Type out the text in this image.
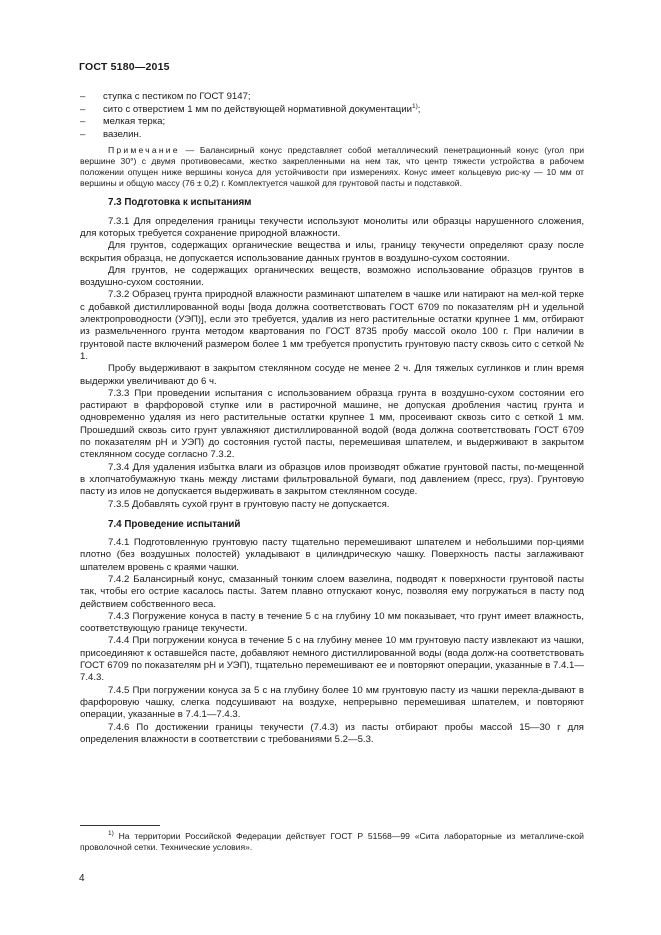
ГОСТ 5180—2015
– ступка с пестиком по ГОСТ 9147;
– сито с отверстием 1 мм по действующей нормативной документации$^{1)}$;
– мелкая терка;
– вазелин.

Примечание — Балансирный конус представляет собой металлический пенетрационный конус (угол при вершине 30°) с двумя противовесами, жестко закрепленными на нем так, что центр тяжести устройства в рабочем положении опущен ниже вершины конуса для устойчивости при измерениях. Конус имеет кольцевую рис-ку — 10 мм от вершины и общую массу (76 ± 0,2) г. Комплектуется чашкой для грунтовой пасты и подставкой.

7.3 Подготовка к испытаниям

7.3.1 Для определения границы текучести используют монолиты или образцы нарушенного сложения, для которых требуется сохранение природной влажности.

Для грунтов, содержащих органические вещества и илы, границу текучести определяют сразу после вскрытия образца, не допускается использование данных грунтов в воздушно-сухом состоянии.

Для грунтов, не содержащих органических веществ, возможно использование образцов грунтов в воздушно-сухом состоянии.

7.3.2 Образец грунта природной влажности разминают шпателем в чашке или натирают на мел-кой терке с добавкой дистиллированной воды [вода должна соответствовать ГОСТ 6709 по показателям pH и удельной электропроводности (УЭП)], если это требуется, удалив из него растительные остатки крупнее 1 мм, отбирают из размельченного грунта методом квартования по ГОСТ 8735 пробу массой около 100 г. При наличии в грунтовой пасте включений размером более 1 мм требуется пропустить грунтовую пасту сквозь сито с сеткой № 1.

Пробу выдерживают в закрытом стеклянном сосуде не менее 2 ч. Для тяжелых суглинков и глин время выдержки увеличивают до 6 ч.

7.3.3 При проведении испытания с использованием образца грунта в воздушно-сухом состоянии его растирают в фарфоровой ступке или в растирочной машине, не допуская дробления частиц грунта и одновременно удаляя из него растительные остатки крупнее 1 мм, просеивают сквозь сито с сеткой 1 мм. Прошедший сквозь сито грунт увлажняют дистиллированной водой (вода должна соответствовать ГОСТ 6709 по показателям pH и УЭП) до состояния густой пасты, перемешивая шпателем, и выдерживают в закрытом стеклянном сосуде согласно 7.3.2.

7.3.4 Для удаления избытка влаги из образцов илов производят обжатие грунтовой пасты, по-мещенной в хлопчатобумажную ткань между листами фильтровальной бумаги, под давлением (пресс, груз). Грунтовую пасту из илов не допускается выдерживать в закрытом стеклянном сосуде.

7.3.5 Добавлять сухой грунт в грунтовую пасту не допускается.

7.4 Проведение испытаний

7.4.1 Подготовленную грунтовую пасту тщательно перемешивают шпателем и небольшими пор-циями плотно (без воздушных полостей) укладывают в цилиндрическую чашку. Поверхность пасты заглаживают шпателем вровень с краями чашки.

7.4.2 Балансирный конус, смазанный тонким слоем вазелина, подводят к поверхности грунтовой пасты так, чтобы его острие касалось пасты. Затем плавно отпускают конус, позволяя ему погружаться в пасту под действием собственного веса.

7.4.3 Погружение конуса в пасту в течение 5 с на глубину 10 мм показывает, что грунт имеет влажность, соответствующую границе текучести.

7.4.4 При погружении конуса в течение 5 с на глубину менее 10 мм грунтовую пасту извлекают из чашки, присоединяют к оставшейся пасте, добавляют немного дистиллированной воды (вода долж-на соответствовать ГОСТ 6709 по показателям pH и УЭП), тщательно перемешивают ее и повторяют операции, указанные в 7.4.1—7.4.3.

7.4.5 При погружении конуса за 5 с на глубину более 10 мм грунтовую пасту из чашки перекла-дывают в фарфоровую чашку, слегка подсушивают на воздухе, непрерывно перемешивая шпателем, и повторяют операции, указанные в 7.4.1—7.4.3.

7.4.6 По достижении границы текучести (7.4.3) из пасты отбирают пробы массой 15—30 г для определения влажности в соответствии с требованиями 5.2—5.3.

$^{1)}$ На территории Российской Федерации действует ГОСТ Р 51568—99 «Сита лабораторные из металличе-ской проволочной сетки. Технические условия».
4
